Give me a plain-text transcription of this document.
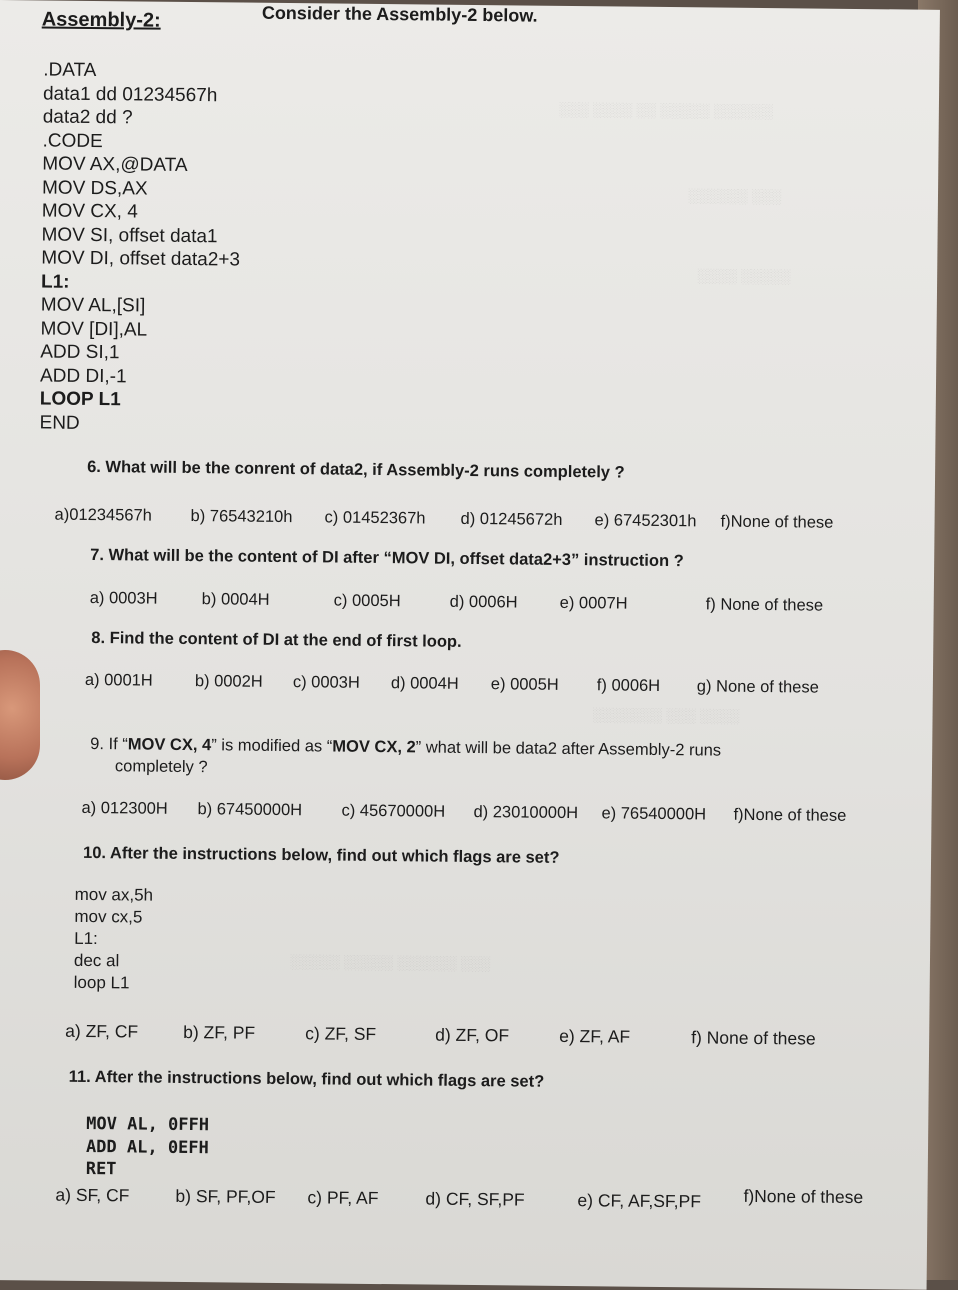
░░░ ░░░░ ░░ ░░░░░ ░░░░░░
░░░░░░ ░░░
░░░░ ░░░░░
░░░░░░░ ░░░ ░░░░
░░░░░ ░░░░░ ░░░░░░ ░░░
Consider the Assembly-2 below.
Assembly-2:
.DATA
data1 dd 01234567h
data2 dd ?
.CODE
MOV AX,@DATA
MOV DS,AX
MOV CX, 4
MOV SI, offset data1
MOV DI, offset data2+3
L1:
MOV AL,[SI]
MOV [DI],AL
ADD SI,1
ADD DI,-1
LOOP L1
END
6. What will be the conrent of data2, if Assembly-2 runs completely ?
a)01234567h b) 76543210h c) 01452367h d) 01245672h e) 67452301h f)None of these
7. What will be the content of DI after “MOV DI, offset data2+3” instruction ?
a) 0003H	b) 0004H	c) 0005H	d) 0006H	e) 0007H	f) None of these
8. Find the content of DI at the end of first loop.
a) 0001H	b) 0002H c) 0003H d) 0004H e) 0005H f) 0006H g) None of these
9. If “MOV CX, 4” is modified as “MOV CX, 2” what will be data2 after Assembly-2 runs
completely ?
a) 012300H b) 67450000H c) 45670000H d) 23010000H e) 76540000H f)None of these
10. After the instructions below, find out which flags are set?
mov ax,5h
mov cx,5
L1:
dec al
loop L1
a) ZF, CF	b) ZF, PF	c) ZF, SF	d) ZF, OF	e) ZF, AF	f) None of these
11. After the instructions below, find out which flags are set?
MOV AL, 0FFH
ADD AL, 0EFH
RET
a) SF, CF	b) SF, PF,OF c) PF, AF	d) CF, SF,PF	e) CF, AF,SF,PF f)None of these
